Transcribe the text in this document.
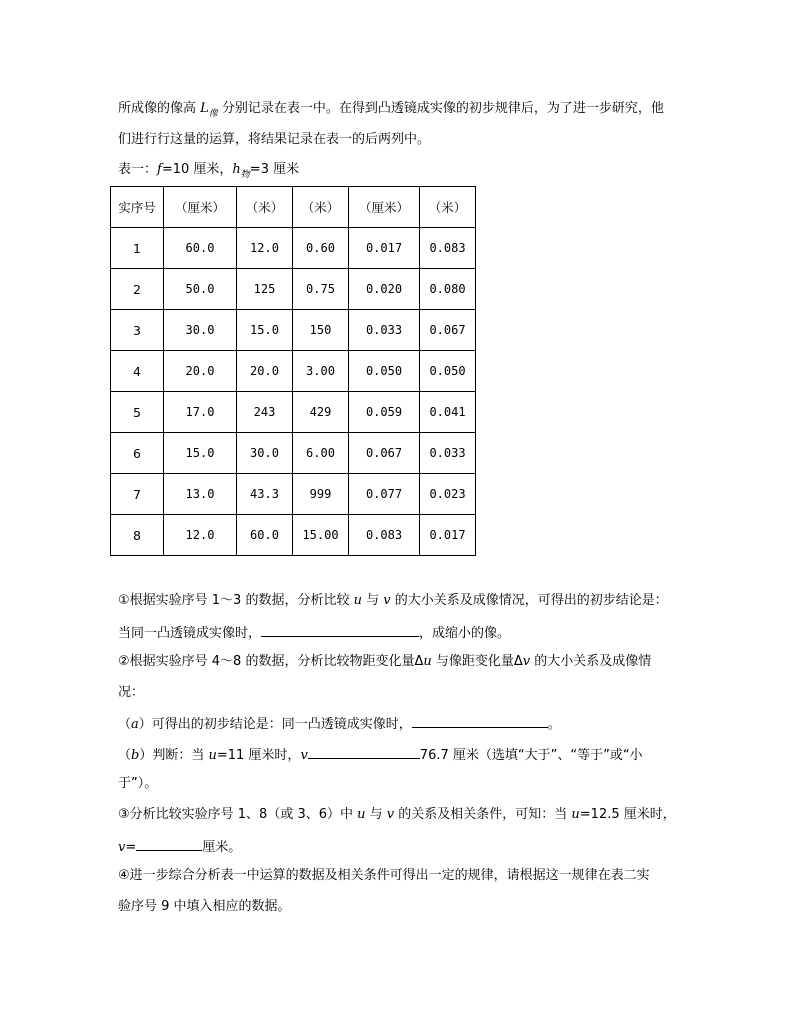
所成像的像高 $L_像$ 分别记录在表一中。在得到凸透镜成实像的初步规律后，为了进一步研究，他
们进行行这量的运算，将结果记录在表一的后两列中。
表一：f=10 厘米，$h_物=3$ 厘米
实序号	（厘米）	（米）	（米）	（厘米）	（米）
1	60.0	12.0	0.60	0.017	0.083
2	50.0	125	0.75	0.020	0.080
3	30.0	15.0	150	0.033	0.067
4	20.0	20.0	3.00	0.050	0.050
5	17.0	243	429	0.059	0.041
6	15.0	30.0	6.00	0.067	0.033
7	13.0	43.3	999	0.077	0.023
8	12.0	60.0	15.00	0.083	0.017
①根据实验序号 1～3 的数据，分析比较 u 与 v 的大小关系及成像情况，可得出的初步结论是：
当同一凸透镜成实像时，	，成缩小的像。
②根据实验序号 4～8 的数据，分析比较物距变化量Δu 与像距变化量Δv 的大小关系及成像情
况：
（a）可得出的初步结论是：同一凸透镜成实像时，	。
（b）判断：当 u=11 厘米时，v	76.7 厘米（选填“大于”、“等于”或“小
于”）。
③分析比较实验序号 1、8（或 3、6）中 u 与 v 的关系及相关条件，可知：当 u=12.5 厘米时，
v=	厘米。
④进一步综合分析表一中运算的数据及相关条件可得出一定的规律，请根据这一规律在表二实
验序号 9 中填入相应的数据。
